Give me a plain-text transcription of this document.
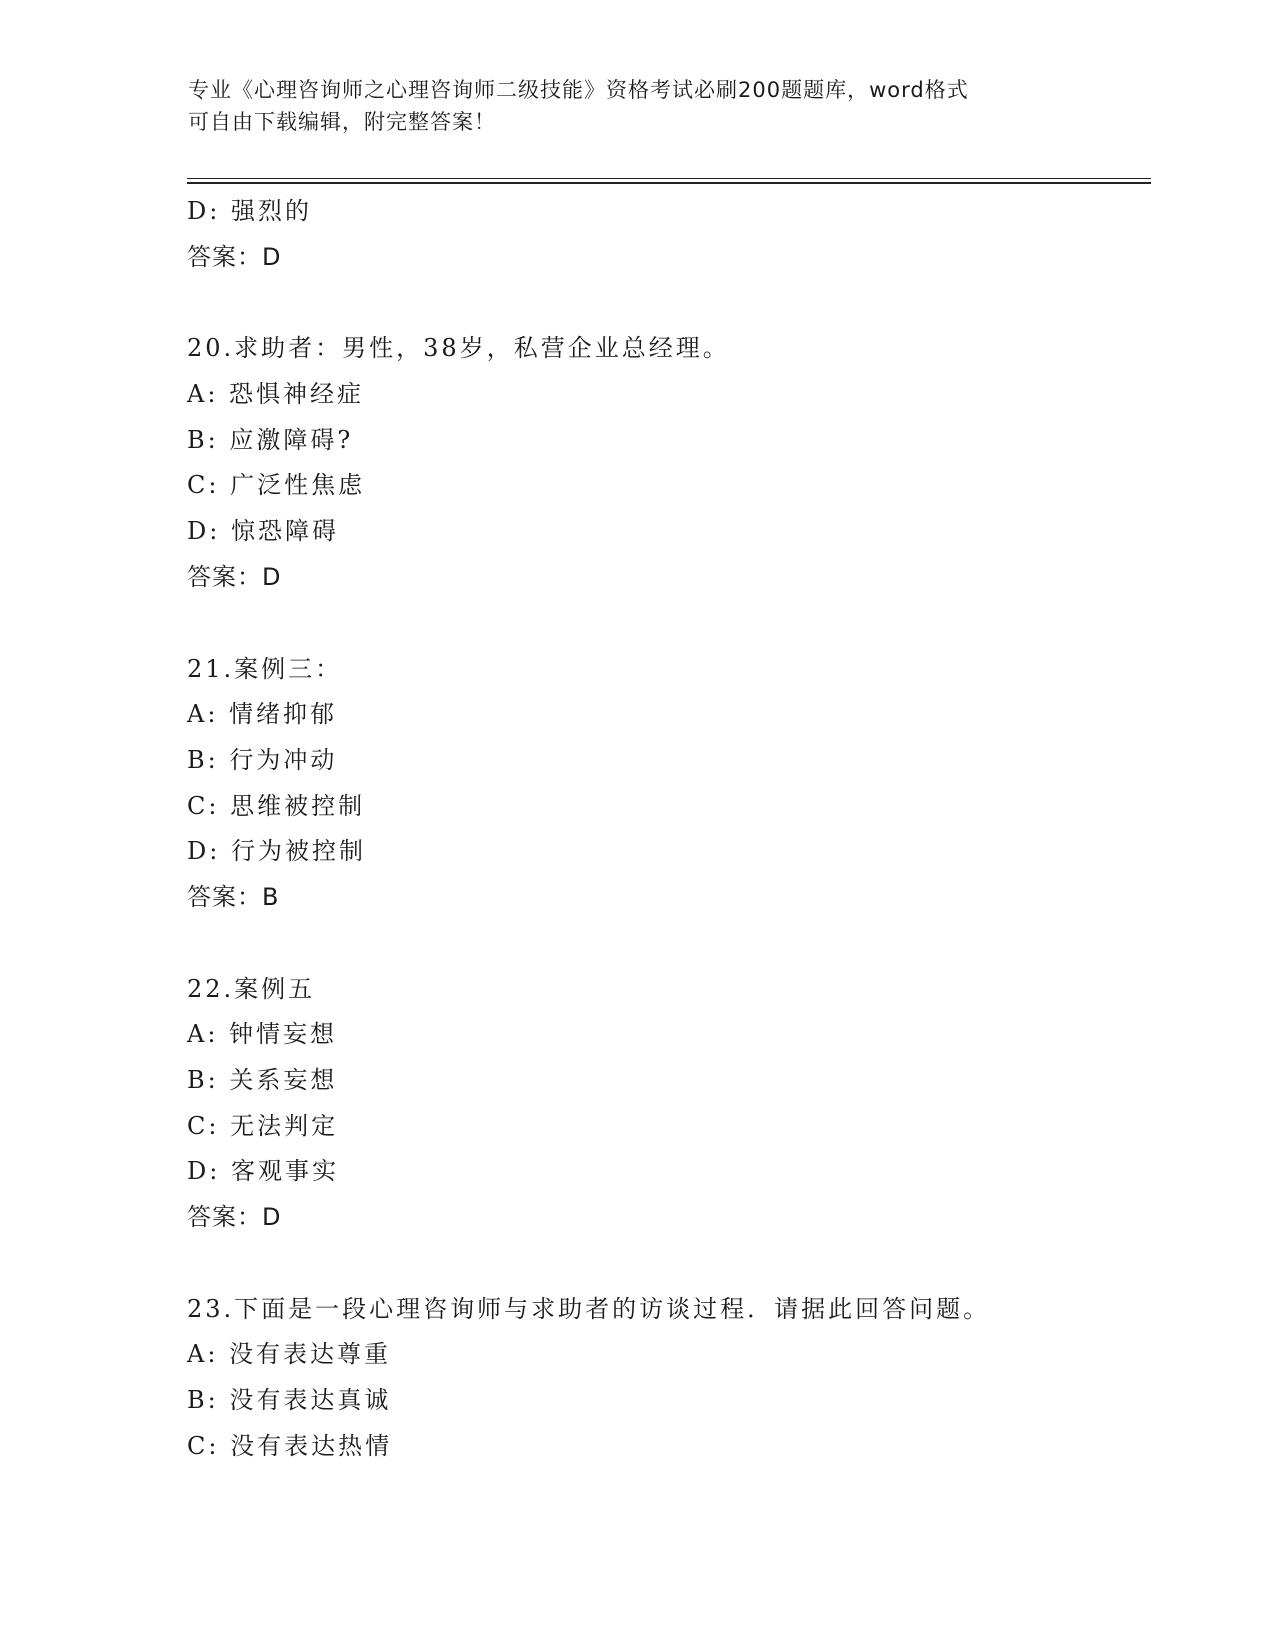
专业《心理咨询师之心理咨询师二级技能》资格考试必刷200题题库，word格式
可自由下载编辑，附完整答案！
D: 强烈的
答案：D
20.求助者：男性，38岁，私营企业总经理。
A: 恐惧神经症
B: 应激障碍?
C: 广泛性焦虑
D: 惊恐障碍
答案：D
21.案例三：
A: 情绪抑郁
B: 行为冲动
C: 思维被控制
D: 行为被控制
答案：B
22.案例五
A: 钟情妄想
B: 关系妄想
C: 无法判定
D: 客观事实
答案：D
23.下面是一段心理咨询师与求助者的访谈过程．请据此回答问题。
A: 没有表达尊重
B: 没有表达真诚
C: 没有表达热情
